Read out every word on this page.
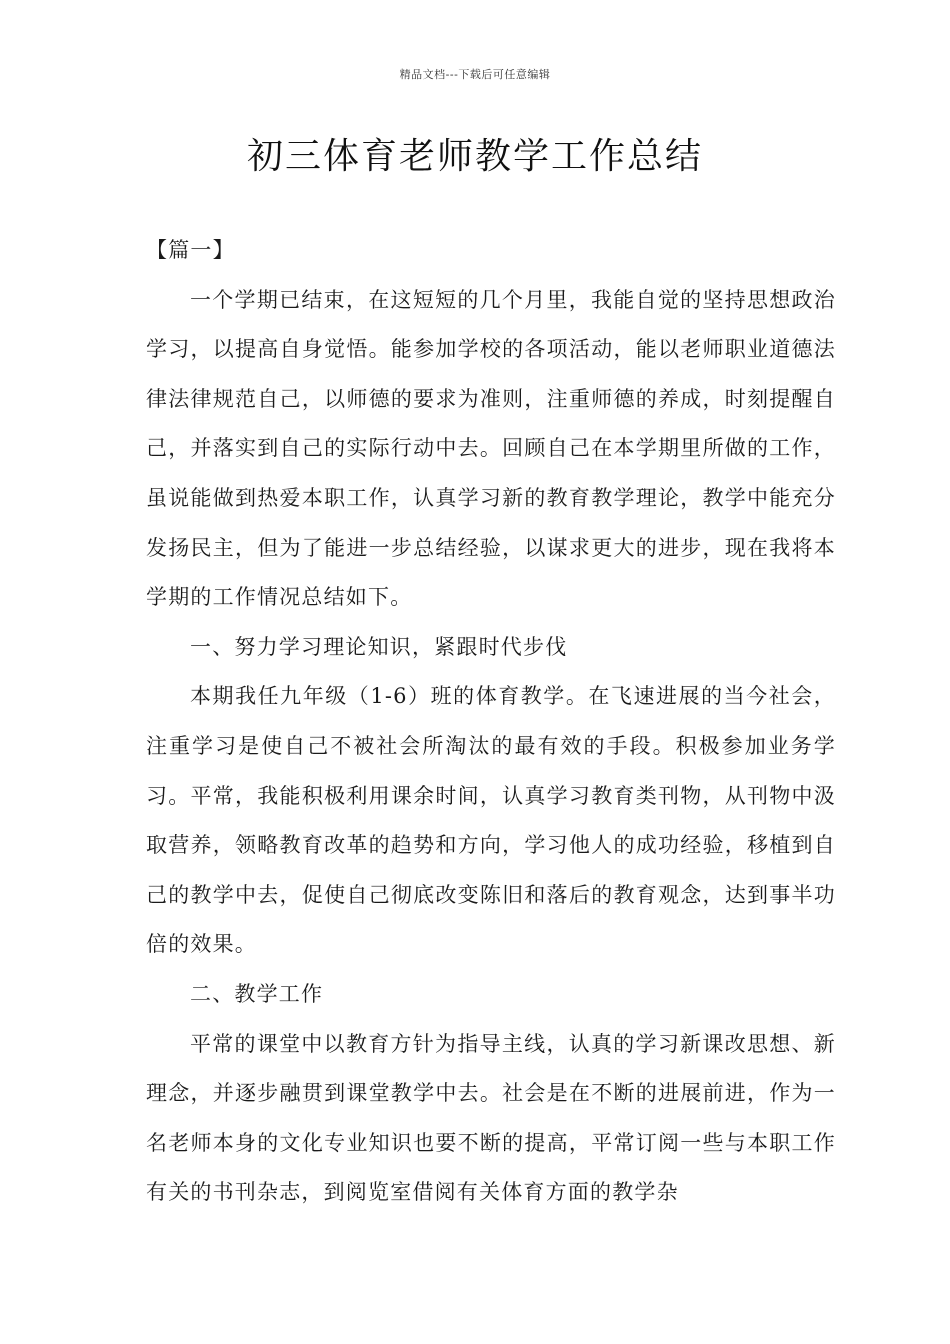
精品文档---下载后可任意编辑
初三体育老师教学工作总结

【篇一】

一个学期已结束，在这短短的几个月里，我能自觉的坚持思想政治学习，以提高自身觉悟。能参加学校的各项活动，能以老师职业道德法律法律规范自己，以师德的要求为准则，注重师德的养成，时刻提醒自己，并落实到自己的实际行动中去。回顾自己在本学期里所做的工作，虽说能做到热爱本职工作，认真学习新的教育教学理论，教学中能充分发扬民主，但为了能进一步总结经验，以谋求更大的进步，现在我将本学期的工作情况总结如下。

一、努力学习理论知识，紧跟时代步伐

本期我任九年级（1-6）班的体育教学。在飞速进展的当今社会，注重学习是使自己不被社会所淘汰的最有效的手段。积极参加业务学习。平常，我能积极利用课余时间，认真学习教育类刊物，从刊物中汲取营养，领略教育改革的趋势和方向，学习他人的成功经验，移植到自己的教学中去，促使自己彻底改变陈旧和落后的教育观念，达到事半功倍的效果。

二、教学工作

平常的课堂中以教育方针为指导主线，认真的学习新课改思想、新理念，并逐步融贯到课堂教学中去。社会是在不断的进展前进，作为一名老师本身的文化专业知识也要不断的提高，平常订阅一些与本职工作有关的书刊杂志，到阅览室借阅有关体育方面的教学杂
